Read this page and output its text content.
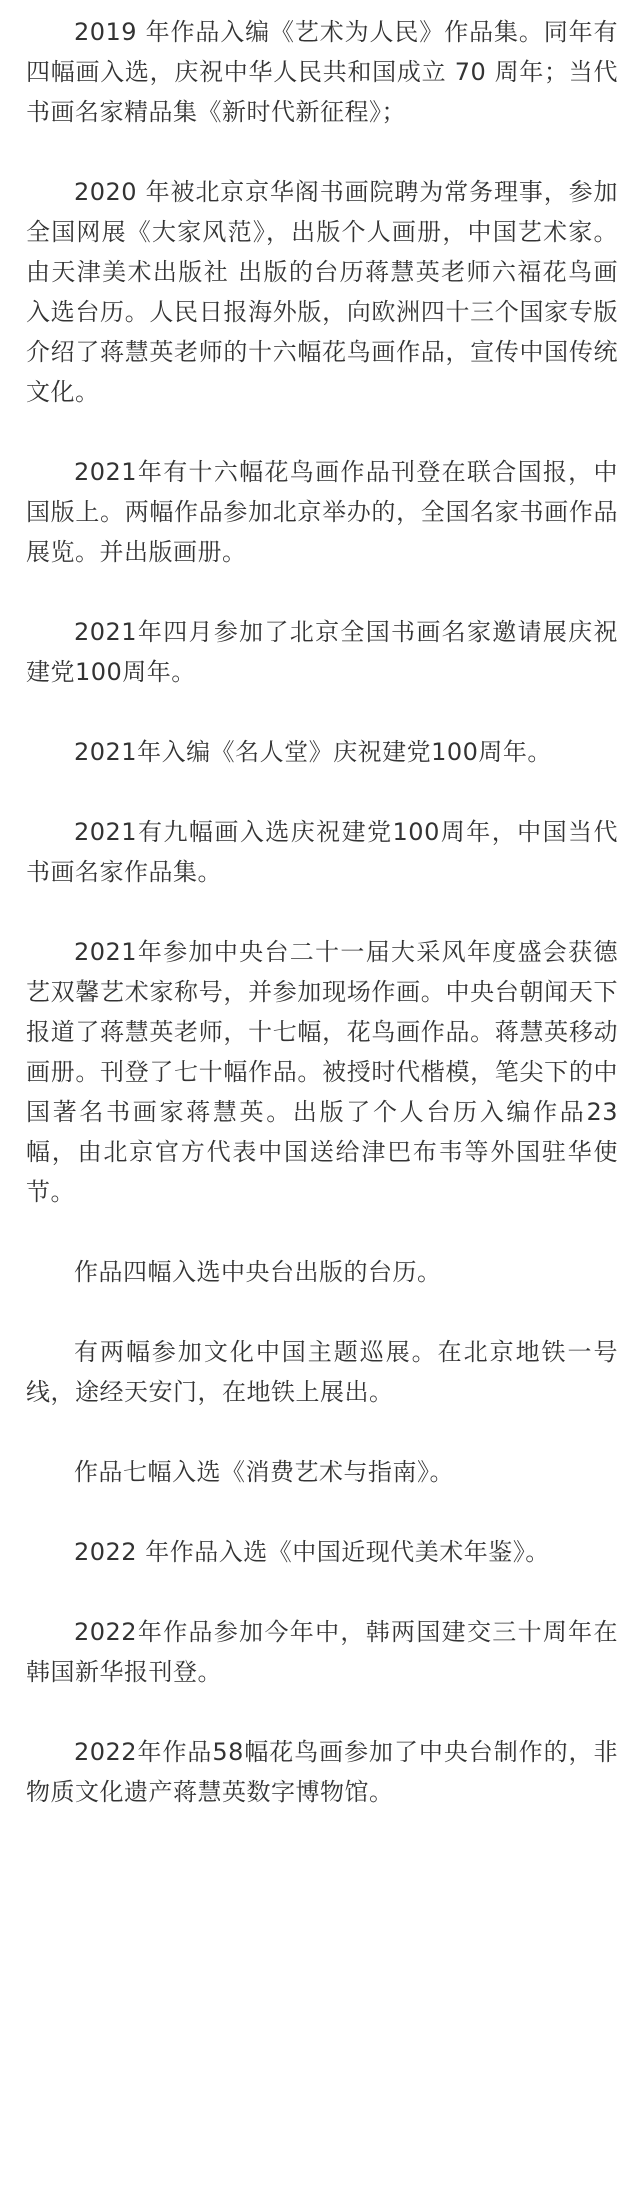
2019 年作品入编《艺术为人民》作品集。同年有四幅画入选，庆祝中华人民共和国成立 70 周年；当代书画名家精品集《新时代新征程》；

2020 年被北京京华阁书画院聘为常务理事，参加全国网展《大家风范》，出版个人画册，中国艺术家。由天津美术出版社 出版的台历蒋慧英老师六福花鸟画入选台历。人民日报海外版，向欧洲四十三个国家专版介绍了蒋慧英老师的十六幅花鸟画作品，宣传中国传统文化。

2021年有十六幅花鸟画作品刊登在联合国报，中国版上。两幅作品参加北京举办的，全国名家书画作品展览。并出版画册。

2021年四月参加了北京全国书画名家邀请展庆祝建党100周年。

2021年入编《名人堂》庆祝建党100周年。

2021有九幅画入选庆祝建党100周年，中国当代书画名家作品集。

2021年参加中央台二十一届大采风年度盛会获德艺双馨艺术家称号，并参加现场作画。中央台朝闻天下报道了蒋慧英老师，十七幅，花鸟画作品。蒋慧英移动画册。刊登了七十幅作品。被授时代楷模，笔尖下的中国著名书画家蒋慧英。出版了个人台历入编作品23幅，由北京官方代表中国送给津巴布韦等外国驻华使节。

作品四幅入选中央台出版的台历。

有两幅参加文化中国主题巡展。在北京地铁一号线，途经天安门，在地铁上展出。

作品七幅入选《消费艺术与指南》。

2022 年作品入选《中国近现代美术年鉴》。

2022年作品参加今年中，韩两国建交三十周年在韩国新华报刊登。

2022年作品58幅花鸟画参加了中央台制作的，非物质文化遗产蒋慧英数字博物馆。
